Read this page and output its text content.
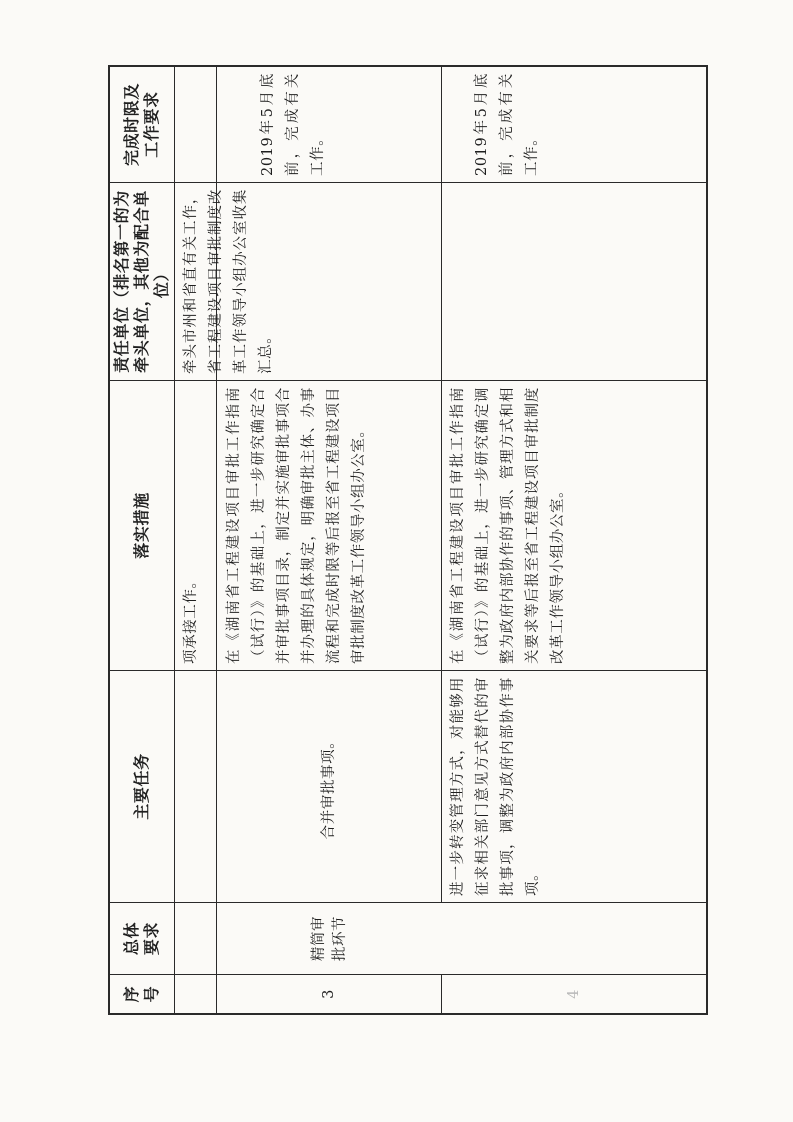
序号
总体要求
主要任务
落实措施
责任单位（排名第一的为牵头单位，其他为配合单位）
完成时限及工作要求
项承接工作。
精简审批环节
3
合并审批事项。
在《湖南省工程建设项目审批工作指南（试行）》的基础上，进一步研究确定合并审批事项目录，制定并实施审批事项合并办理的具体规定，明确审批主体、办事流程和完成时限等后报至省工程建设项目审批制度改革工作领导小组办公室。
2019年5月底前，完成有关工作。
牵头市州和省直有关工作，省工程建设项目审批制度改革工作领导小组办公室收集汇总。
4
进一步转变管理方式，对能够用征求相关部门意见方式替代的审批事项，调整为政府内部协作事项。
在《湖南省工程建设项目审批工作指南（试行）》的基础上，进一步研究确定调整为政府内部协作的事项、管理方式和相关要求等后报至省工程建设项目审批制度改革工作领导小组办公室。
2019年5月底前，完成有关工作。
